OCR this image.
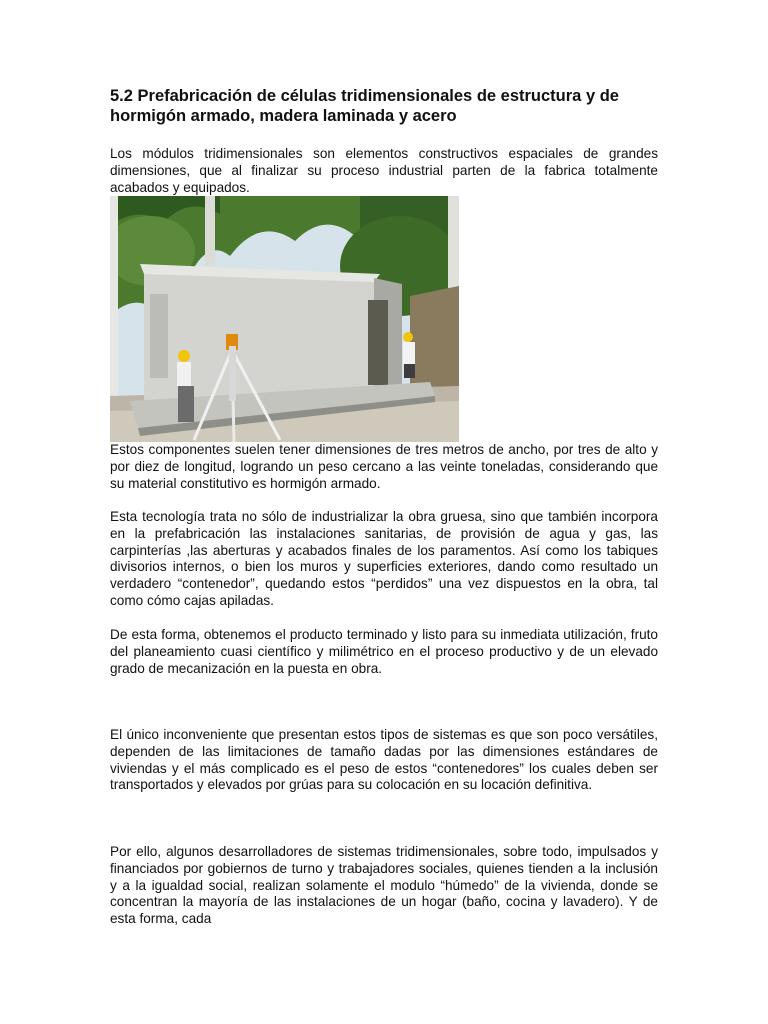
5.2 Prefabricación de células tridimensionales de estructura y de hormigón armado, madera laminada y acero

Los módulos tridimensionales son elementos constructivos espaciales de grandes dimensiones, que al finalizar su proceso industrial parten de la fabrica totalmente acabados y equipados.

Estos componentes suelen tener dimensiones de tres metros de ancho, por tres de alto y por diez de longitud, logrando un peso cercano a las veinte toneladas, considerando que su material constitutivo es hormigón armado.

Esta tecnología trata no sólo de industrializar la obra gruesa, sino que también incorpora en la prefabricación las instalaciones sanitarias, de provisión de agua y gas, las carpinterías ,las aberturas y acabados finales de los paramentos. Así como los tabiques divisorios internos, o bien los muros y superficies exteriores, dando como resultado un verdadero “contenedor”, quedando estos “perdidos” una vez dispuestos en la obra, tal como cómo cajas apiladas.

De esta forma, obtenemos el producto terminado y listo para su inmediata utilización, fruto del planeamiento cuasi científico y milimétrico en el proceso productivo y de un elevado grado de mecanización en la puesta en obra.

El único inconveniente que presentan estos tipos de sistemas es que son poco versátiles, dependen de las limitaciones de tamaño dadas por las dimensiones estándares de viviendas y el más complicado es el peso de estos “contenedores” los cuales deben ser transportados y elevados por grúas para su colocación en su locación definitiva.

Por ello, algunos desarrolladores de sistemas tridimensionales, sobre todo, impulsados y financiados por gobiernos de turno y trabajadores sociales, quienes tienden a la inclusión y a la igualdad social, realizan solamente el modulo “húmedo” de la vivienda, donde se concentran la mayoría de las instalaciones de un hogar (baño, cocina y lavadero). Y de esta forma, cada
